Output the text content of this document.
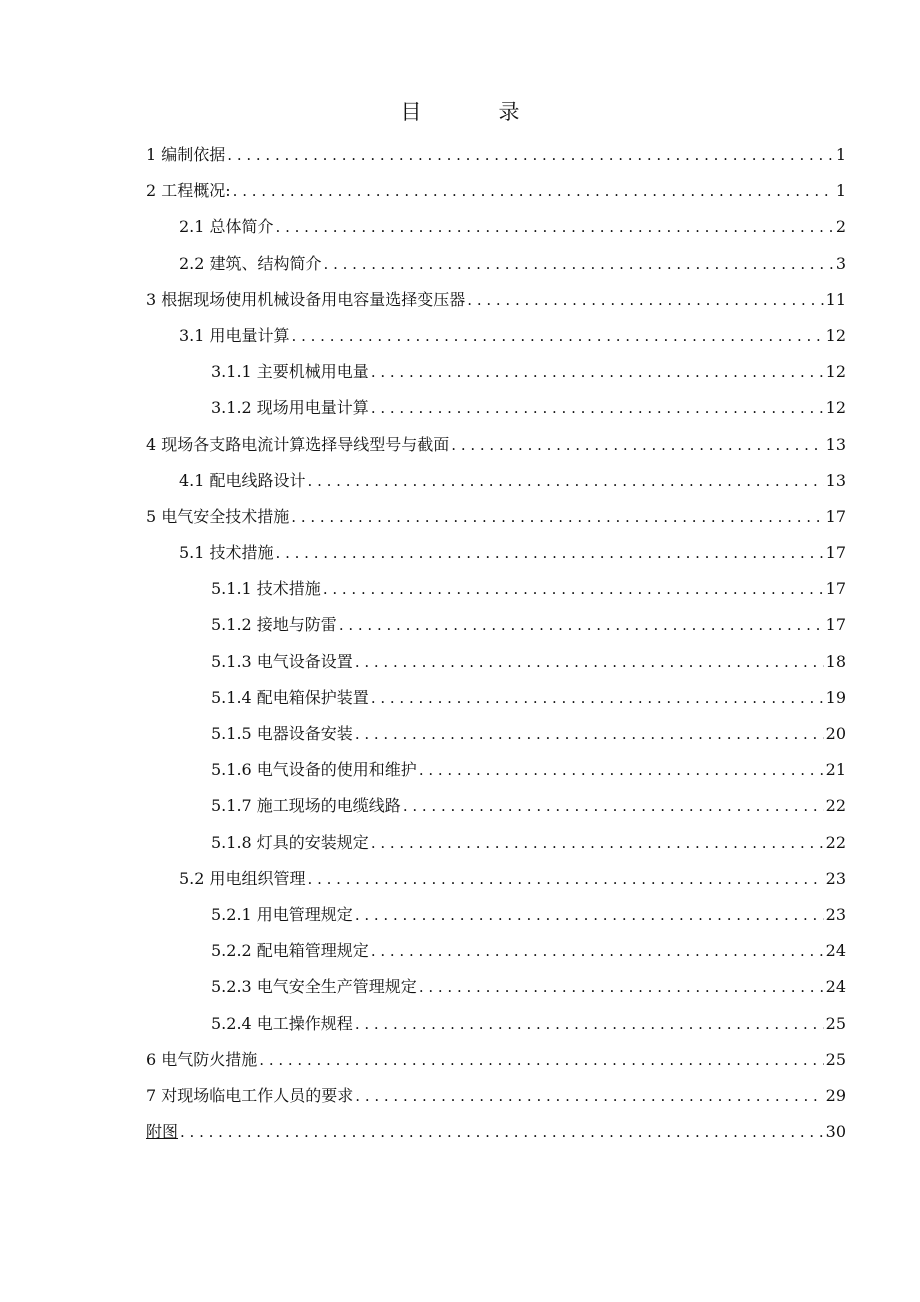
目　录
1 编制依据 . . .	1
2 工程概况: . . .	1
2.1 总体简介 . . .	2
2.2 建筑、结构简介 . . .	3
3 根据现场使用机械设备用电容量选择变压器 . . .	11
3.1 用电量计算 . . .	12
3.1.1 主要机械用电量 . . .	12
3.1.2 现场用电量计算 . . .	12
4 现场各支路电流计算选择导线型号与截面 . . .	13
4.1 配电线路设计 . . .	13
5 电气安全技术措施 . . .	17
5.1 技术措施 . . .	17
5.1.1 技术措施 . . .	17
5.1.2 接地与防雷 . . .	17
5.1.3 电气设备设置 . . .	18
5.1.4 配电箱保护装置 . . .	19
5.1.5 电器设备安装 . . .	20
5.1.6 电气设备的使用和维护 . . .	21
5.1.7 施工现场的电缆线路 . . .	22
5.1.8 灯具的安装规定 . . .	22
5.2 用电组织管理 . . .	23
5.2.1 用电管理规定 . . .	23
5.2.2 配电箱管理规定 . . .	24
5.2.3 电气安全生产管理规定 . . .	24
5.2.4 电工操作规程 . . .	25
6 电气防火措施 . . .	25
7 对现场临电工作人员的要求 . . .	29
附图 . . .	30
